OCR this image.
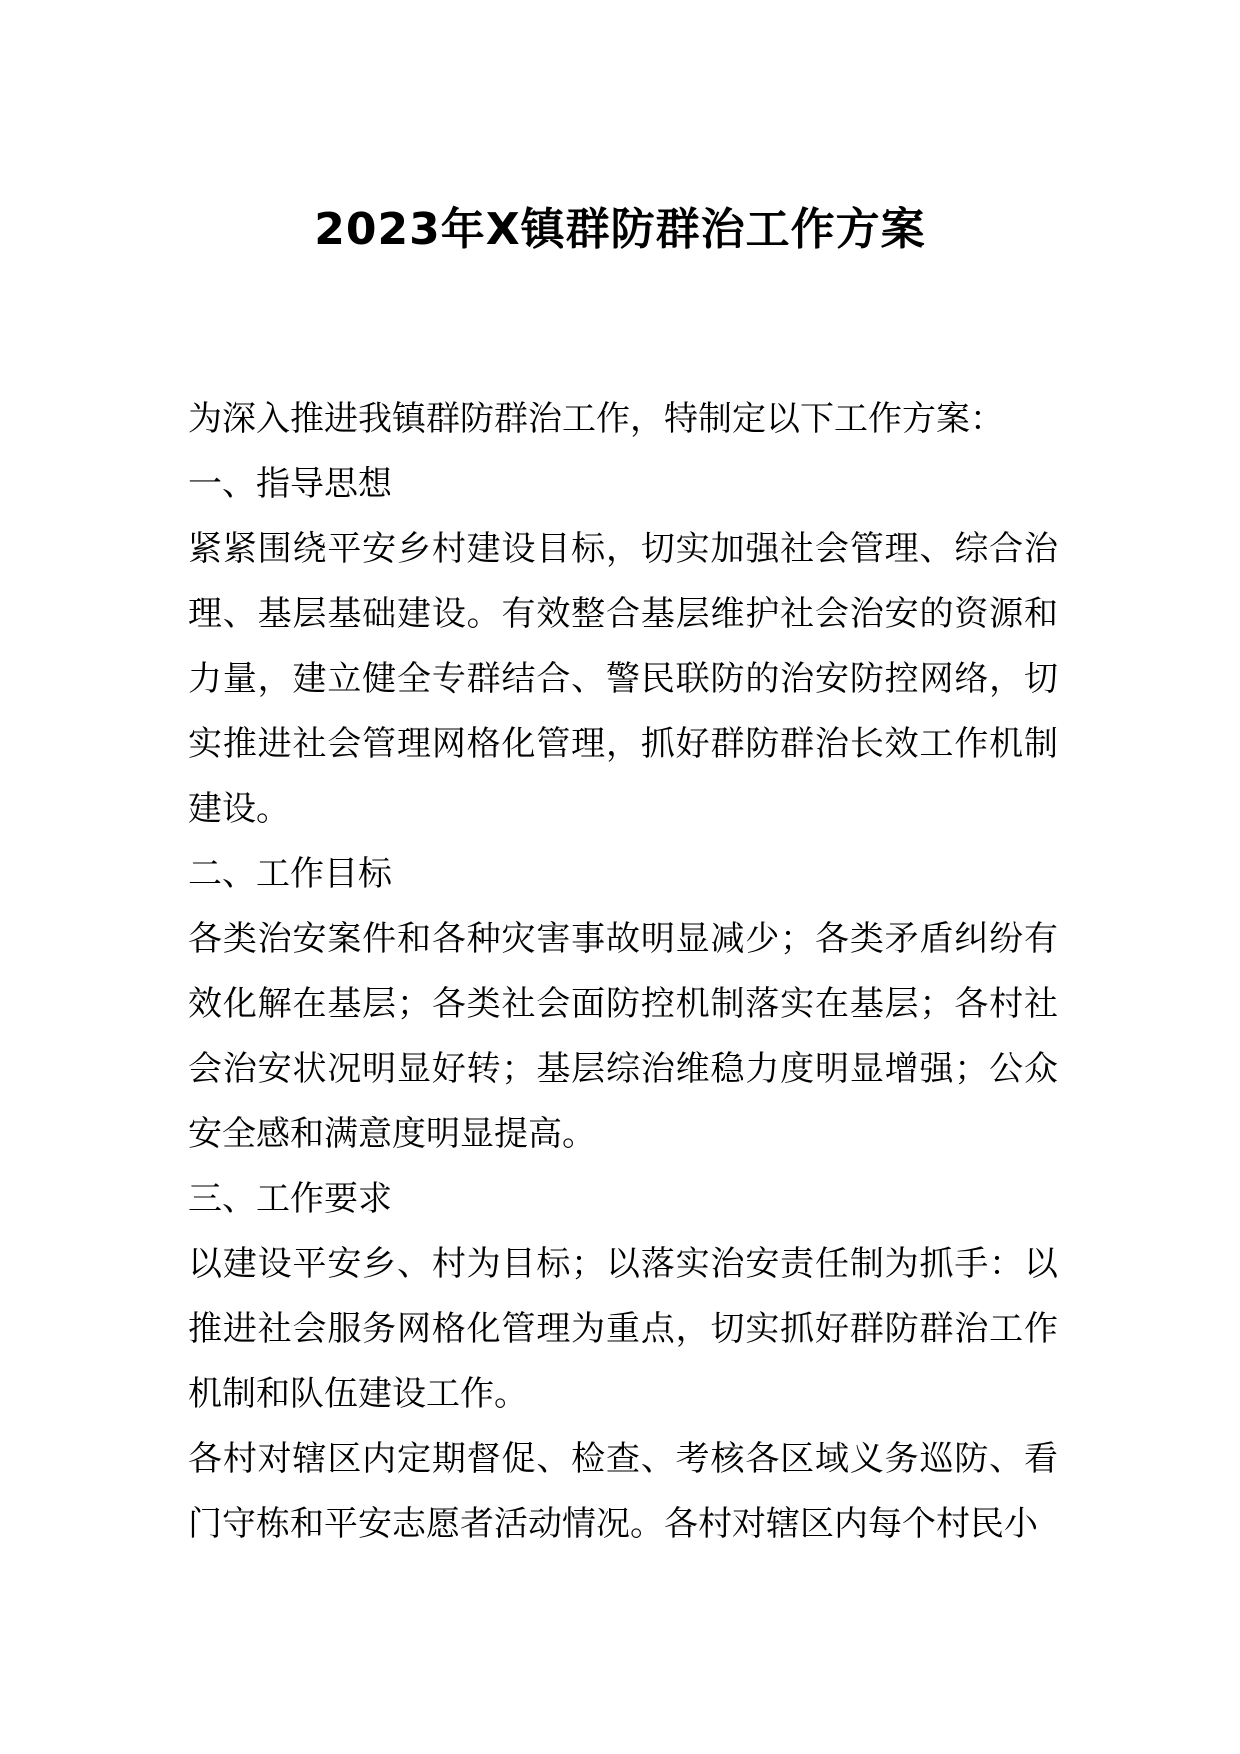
2023年X镇群防群治工作方案

为深入推进我镇群防群治工作，特制定以下工作方案：

一、指导思想

紧紧围绕平安乡村建设目标，切实加强社会管理、综合治理、基层基础建设。有效整合基层维护社会治安的资源和力量，建立健全专群结合、警民联防的治安防控网络，切实推进社会管理网格化管理，抓好群防群治长效工作机制建设。

二、工作目标

各类治安案件和各种灾害事故明显减少；各类矛盾纠纷有效化解在基层；各类社会面防控机制落实在基层；各村社会治安状况明显好转；基层综治维稳力度明显增强；公众安全感和满意度明显提高。

三、工作要求

以建设平安乡、村为目标；以落实治安责任制为抓手：以推进社会服务网格化管理为重点，切实抓好群防群治工作机制和队伍建设工作。

各村对辖区内定期督促、检查、考核各区域义务巡防、看门守栋和平安志愿者活动情况。各村对辖区内每个村民小
